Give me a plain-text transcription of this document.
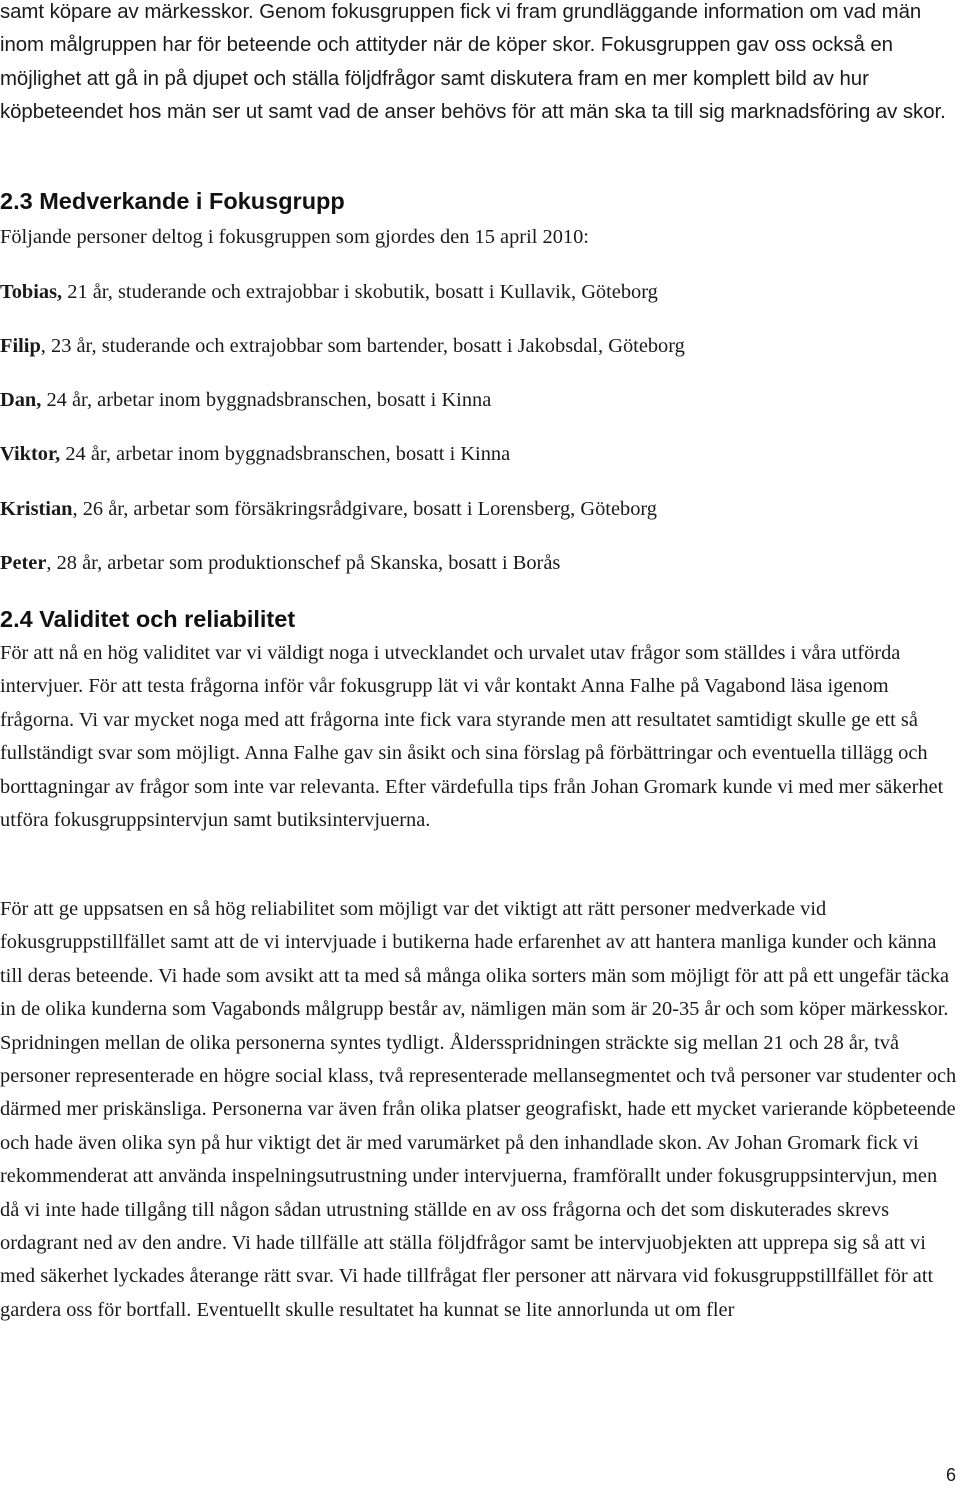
samt köpare av märkesskor. Genom fokusgruppen fick vi fram grundläggande information om vad män inom målgruppen har för beteende och attityder när de köper skor. Fokusgruppen gav oss också en möjlighet att gå in på djupet och ställa följdfrågor samt diskutera fram en mer komplett bild av hur köpbeteendet hos män ser ut samt vad de anser behövs för att män ska ta till sig marknadsföring av skor.

2.3 Medverkande i Fokusgrupp

Följande personer deltog i fokusgruppen som gjordes den 15 april 2010:

Tobias, 21 år, studerande och extrajobbar i skobutik, bosatt i Kullavik, Göteborg

Filip, 23 år, studerande och extrajobbar som bartender, bosatt i Jakobsdal, Göteborg

Dan, 24 år, arbetar inom byggnadsbranschen, bosatt i Kinna

Viktor, 24 år, arbetar inom byggnadsbranschen, bosatt i Kinna

Kristian, 26 år, arbetar som försäkringsrådgivare, bosatt i Lorensberg, Göteborg

Peter, 28 år, arbetar som produktionschef på Skanska, bosatt i Borås

2.4 Validitet och reliabilitet

För att nå en hög validitet var vi väldigt noga i utvecklandet och urvalet utav frågor som ställdes i våra utförda intervjuer. För att testa frågorna inför vår fokusgrupp lät vi vår kontakt Anna Falhe på Vagabond läsa igenom frågorna. Vi var mycket noga med att frågorna inte fick vara styrande men att resultatet samtidigt skulle ge ett så fullständigt svar som möjligt. Anna Falhe gav sin åsikt och sina förslag på förbättringar och eventuella tillägg och borttagningar av frågor som inte var relevanta. Efter värdefulla tips från Johan Gromark kunde vi med mer säkerhet utföra fokusgruppsintervjun samt butiksintervjuerna.

För att ge uppsatsen en så hög reliabilitet som möjligt var det viktigt att rätt personer medverkade vid fokusgruppstillfället samt att de vi intervjuade i butikerna hade erfarenhet av att hantera manliga kunder och känna till deras beteende. Vi hade som avsikt att ta med så många olika sorters män som möjligt för att på ett ungefär täcka in de olika kunderna som Vagabonds målgrupp består av, nämligen män som är 20-35 år och som köper märkesskor. Spridningen mellan de olika personerna syntes tydligt. Åldersspridningen sträckte sig mellan 21 och 28 år, två personer representerade en högre social klass, två representerade mellansegmentet och två personer var studenter och därmed mer priskänsliga. Personerna var även från olika platser geografiskt, hade ett mycket varierande köpbeteende och hade även olika syn på hur viktigt det är med varumärket på den inhandlade skon. Av Johan Gromark fick vi rekommenderat att använda inspelningsutrustning under intervjuerna, framförallt under fokusgruppsintervjun, men då vi inte hade tillgång till någon sådan utrustning ställde en av oss frågorna och det som diskuterades skrevs ordagrant ned av den andre. Vi hade tillfälle att ställa följdfrågor samt be intervjuobjekten att upprepa sig så att vi med säkerhet lyckades återange rätt svar. Vi hade tillfrågat fler personer att närvara vid fokusgruppstillfället för att gardera oss för bortfall. Eventuellt skulle resultatet ha kunnat se lite annorlunda ut om fler

6
